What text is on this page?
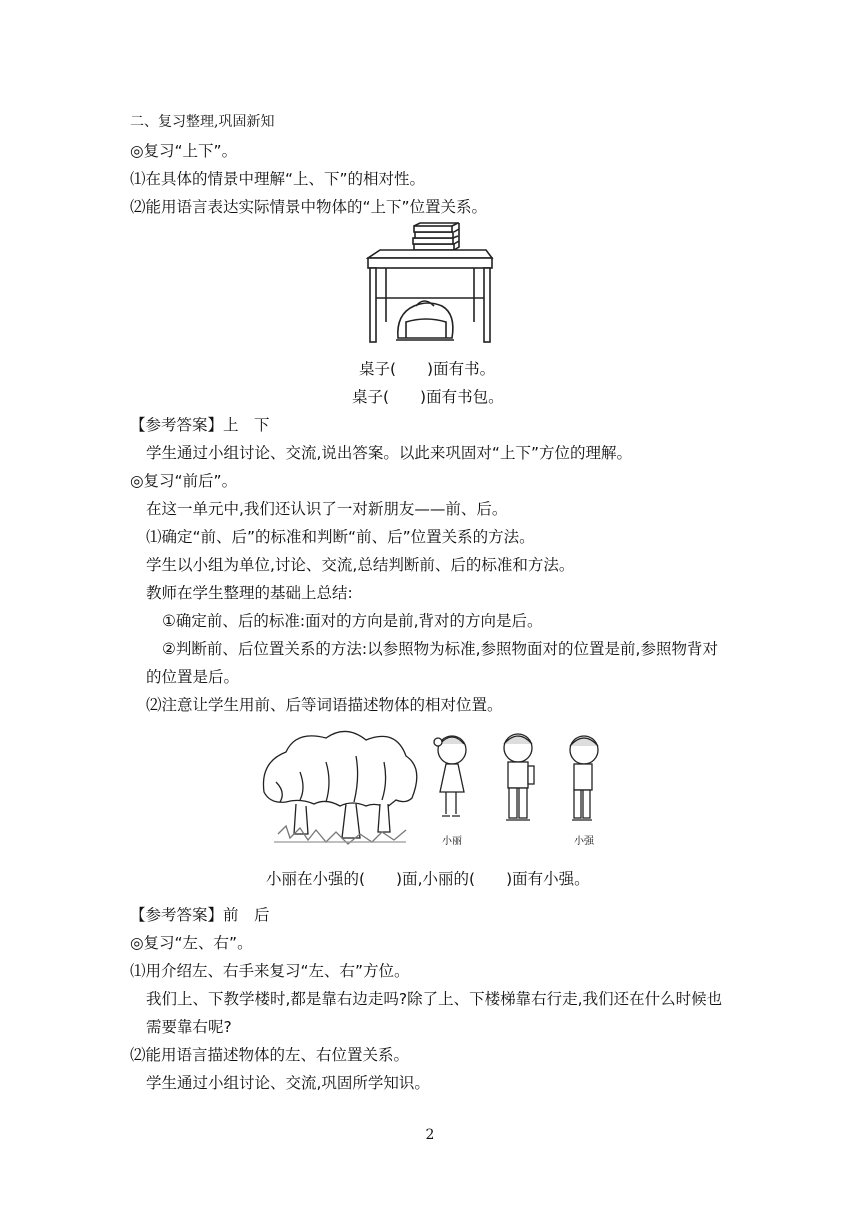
二、复习整理,巩固新知
◎复习“上下”。
⑴在具体的情景中理解“上、下”的相对性。
⑵能用语言表达实际情景中物体的“上下”位置关系。
桌子(　　)面有书。
桌子(　　)面有书包。
【参考答案】上　下
学生通过小组讨论、交流,说出答案。以此来巩固对“上下”方位的理解。
◎复习“前后”。
在这一单元中,我们还认识了一对新朋友——前、后。
⑴确定“前、后”的标准和判断“前、后”位置关系的方法。
学生以小组为单位,讨论、交流,总结判断前、后的标准和方法。
教师在学生整理的基础上总结:
①确定前、后的标准:面对的方向是前,背对的方向是后。
②判断前、后位置关系的方法:以参照物为标准,参照物面对的位置是前,参照物背对
的位置是后。
⑵注意让学生用前、后等词语描述物体的相对位置。
小丽	小强
小丽在小强的(　　)面,小丽的(　　)面有小强。
【参考答案】前　后
◎复习“左、右”。
⑴用介绍左、右手来复习“左、右”方位。
我们上、下教学楼时,都是靠右边走吗?除了上、下楼梯靠右行走,我们还在什么时候也
需要靠右呢?
⑵能用语言描述物体的左、右位置关系。
学生通过小组讨论、交流,巩固所学知识。
2
